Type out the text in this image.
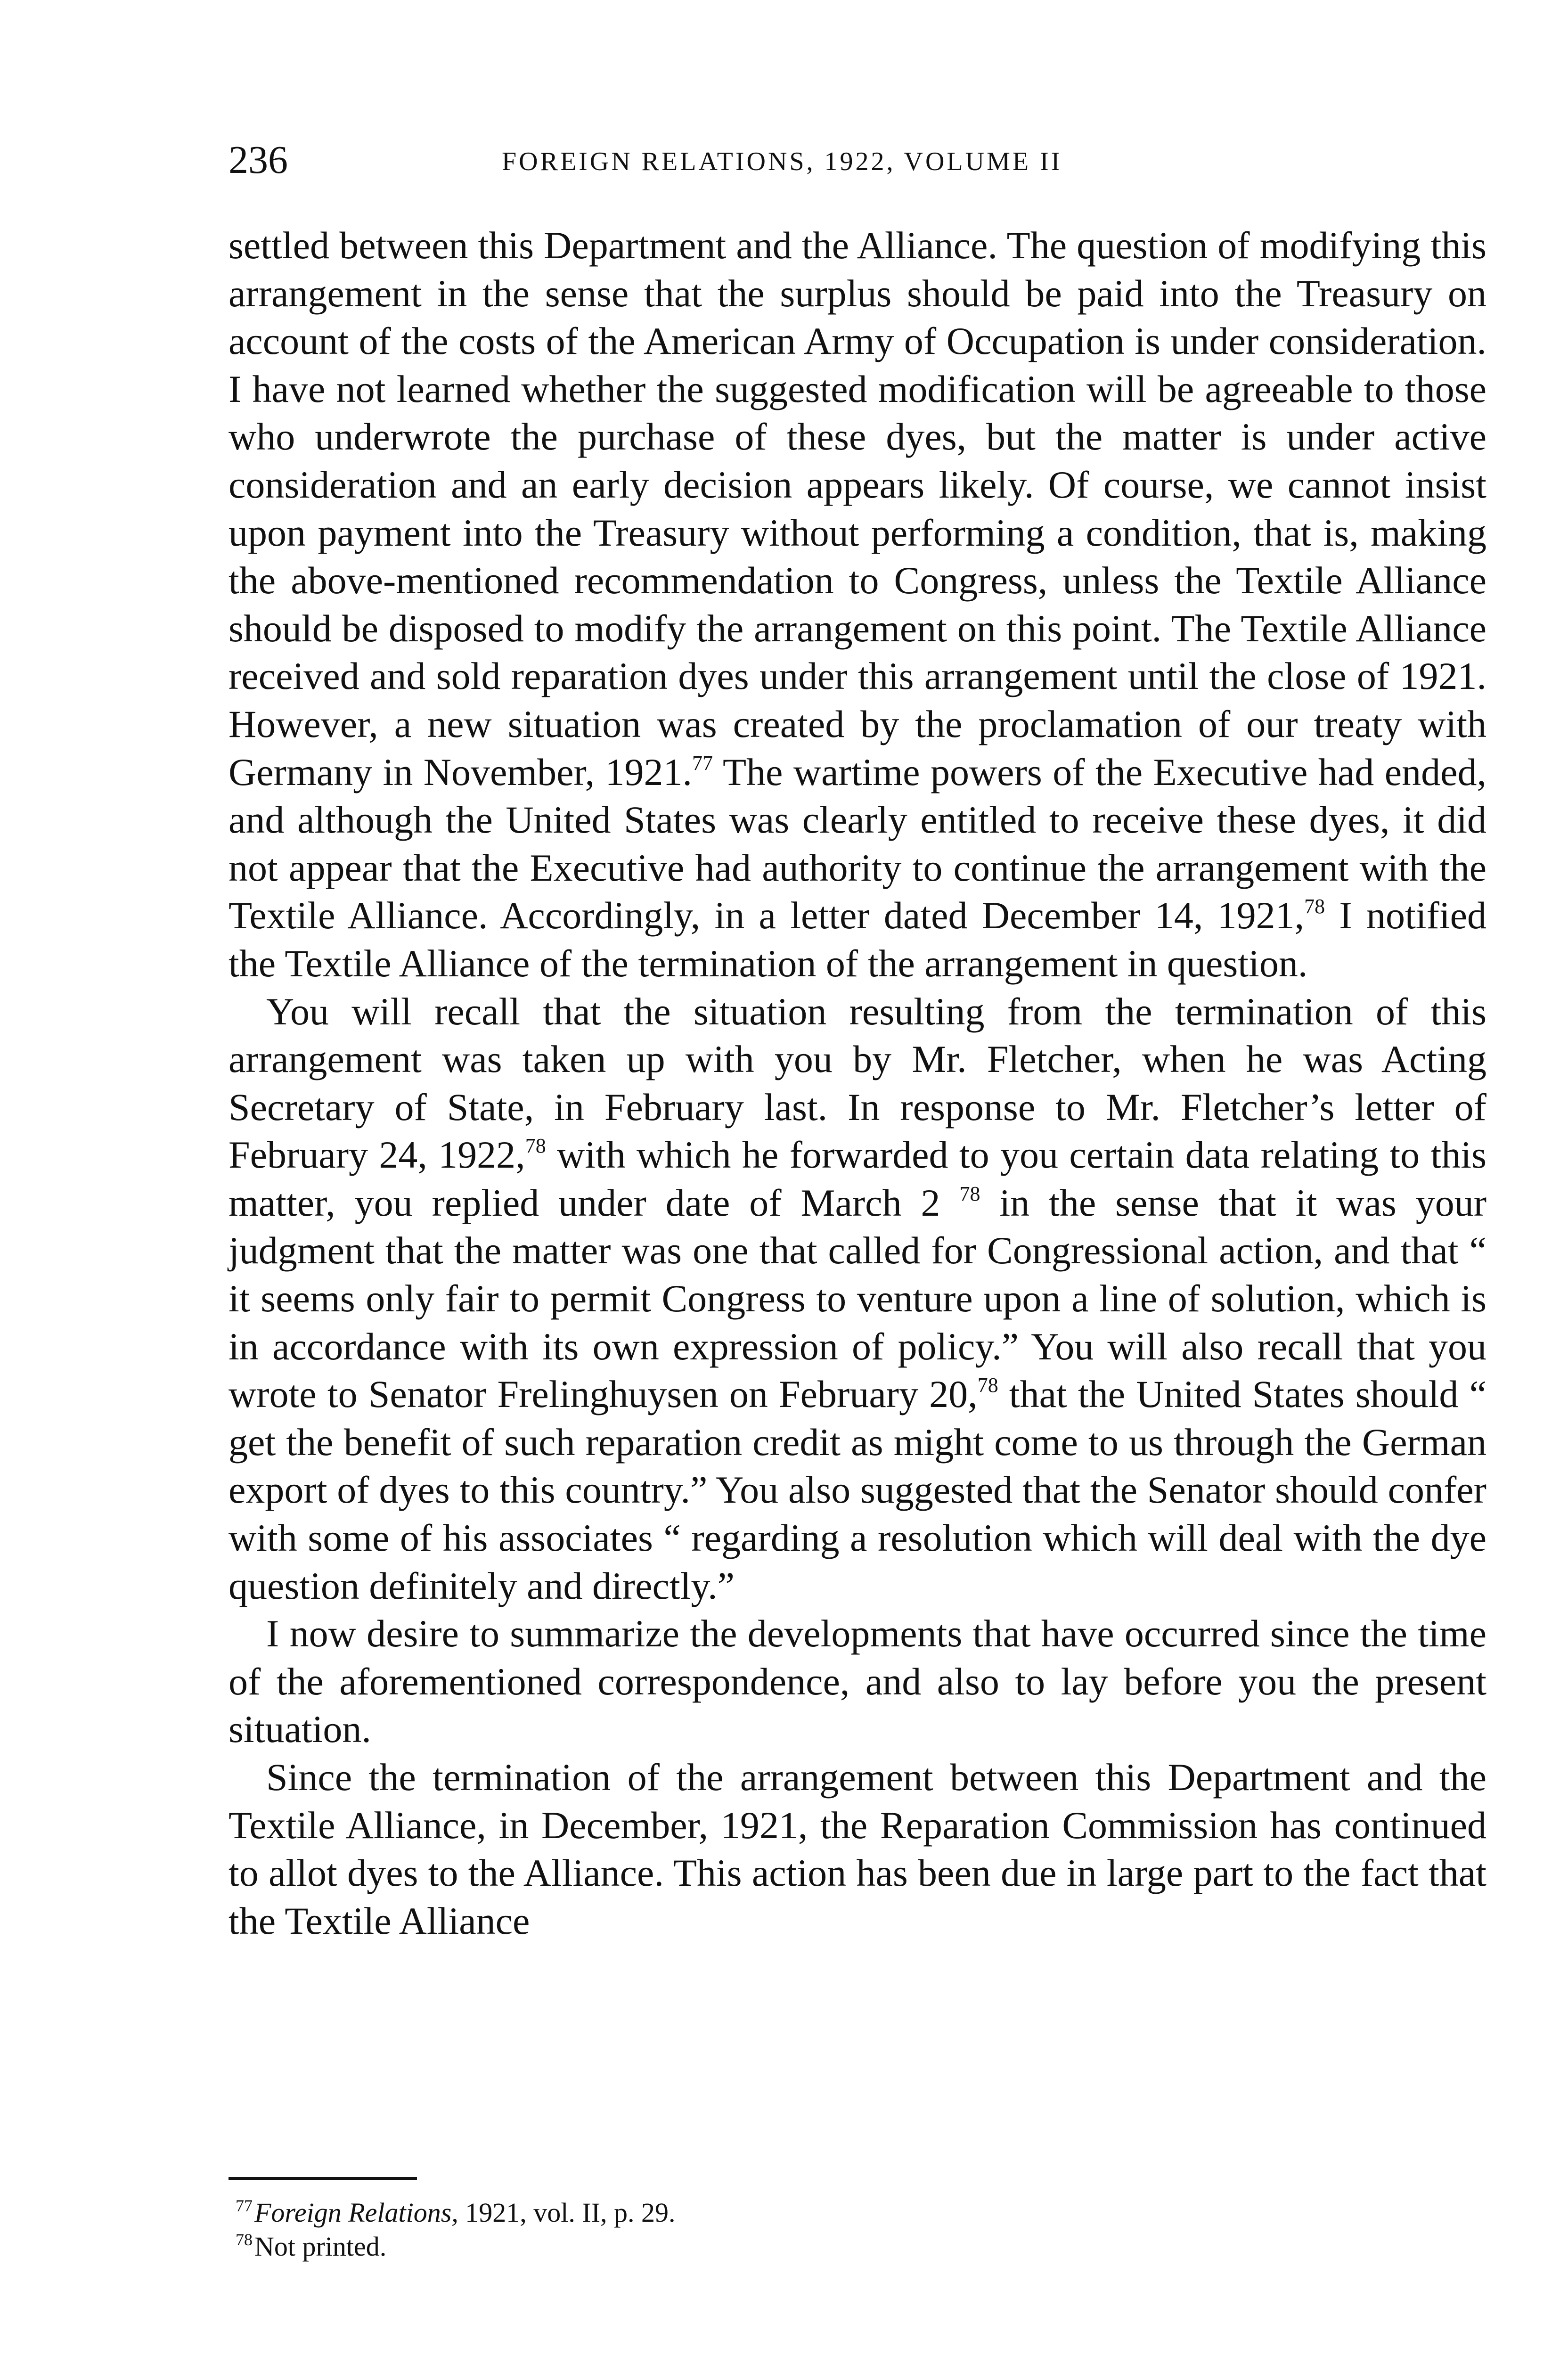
236	FOREIGN RELATIONS, 1922, VOLUME II

settled between this Department and the Alliance. The question of modifying this arrangement in the sense that the surplus should be paid into the Treasury on account of the costs of the American Army of Occupation is under consideration. I have not learned whether the suggested modification will be agreeable to those who underwrote the purchase of these dyes, but the matter is under active consideration and an early decision appears likely. Of course, we cannot insist upon payment into the Treasury without performing a condition, that is, making the above-mentioned recommendation to Congress, unless the Textile Alliance should be disposed to modify the arrangement on this point. The Textile Alliance received and sold reparation dyes under this arrangement until the close of 1921. However, a new situation was created by the proclamation of our treaty with Germany in November, 1921.77 The wartime powers of the Executive had ended, and although the United States was clearly entitled to receive these dyes, it did not appear that the Executive had authority to continue the arrangement with the Textile Alliance. Accordingly, in a letter dated December 14, 1921,78 I notified the Textile Alliance of the termination of the arrangement in question.

You will recall that the situation resulting from the termination of this arrangement was taken up with you by Mr. Fletcher, when he was Acting Secretary of State, in February last. In response to Mr. Fletcher’s letter of February 24, 1922,78 with which he forwarded to you certain data relating to this matter, you replied under date of March 2 $^{78}$ in the sense that it was your judgment that the matter was one that called for Congressional action, and that “ it seems only fair to permit Congress to venture upon a line of solution, which is in accordance with its own expression of policy.” You will also recall that you wrote to Senator Frelinghuysen on February 20,78 that the United States should “ get the benefit of such reparation credit as might come to us through the German export of dyes to this country.” You also suggested that the Senator should confer with some of his associates “ regarding a resolution which will deal with the dye question definitely and directly.”

I now desire to summarize the developments that have occurred since the time of the aforementioned correspondence, and also to lay before you the present situation.

Since the termination of the arrangement between this Department and the Textile Alliance, in December, 1921, the Reparation Commission has continued to allot dyes to the Alliance. This action has been due in large part to the fact that the Textile Alliance

$^{77}$Foreign Relations, 1921, vol. II, p. 29.
$^{78}$Not printed.
